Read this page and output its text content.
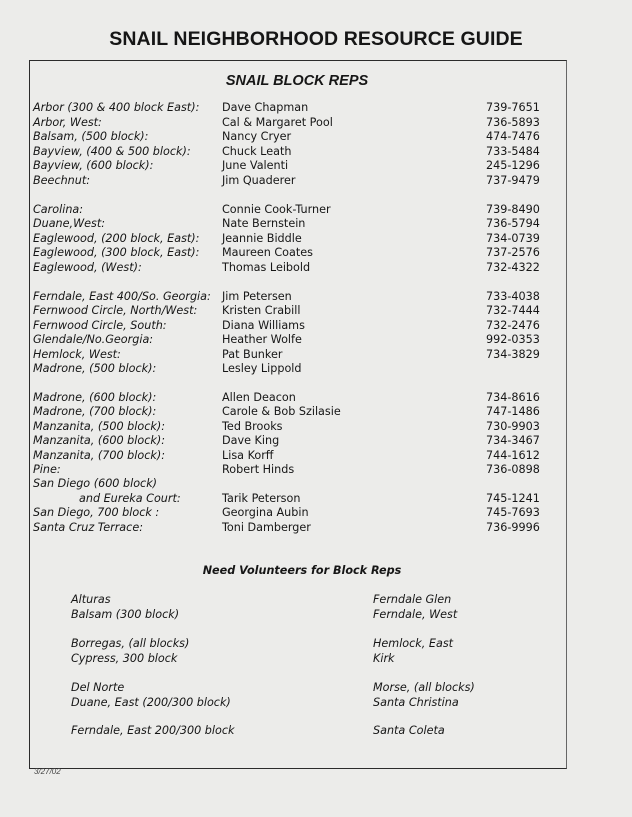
SNAIL NEIGHBORHOOD RESOURCE GUIDE
SNAIL BLOCK REPS
Arbor (300 & 400 block East): Dave Chapman	739-7651
Arbor, West:	Cal & Margaret Pool	736-5893
Balsam, (500 block):	Nancy Cryer	474-7476
Bayview, (400 & 500 block):	Chuck Leath	733-5484
Bayview, (600 block):	June Valenti	245-1296
Beechnut:	Jim Quaderer	737-9479
Carolina:	Connie Cook-Turner	739-8490
Duane,West:	Nate Bernstein	736-5794
Eaglewood, (200 block, East): Jeannie Biddle	734-0739
Eaglewood, (300 block, East): Maureen Coates	737-2576
Eaglewood, (West):	Thomas Leibold	732-4322
Ferndale, East 400/So. Georgia: Jim Petersen	733-4038
Fernwood Circle, North/West: Kristen Crabill	732-7444
Fernwood Circle, South:	Diana Williams	732-2476
Glendale/No.Georgia:	Heather Wolfe	992-0353
Hemlock, West:	Pat Bunker	734-3829
Madrone, (500 block):	Lesley Lippold
Madrone, (600 block):	Allen Deacon	734-8616
Madrone, (700 block):	Carole & Bob Szilasie	747-1486
Manzanita, (500 block):	Ted Brooks	730-9903
Manzanita, (600 block):	Dave King	734-3467
Manzanita, (700 block):	Lisa Korff	744-1612
Pine:	Robert Hinds	736-0898
San Diego (600 block)
and Eureka Court:	Tarik Peterson	745-1241
San Diego, 700 block :	Georgina Aubin	745-7693
Santa Cruz Terrace:	Toni Damberger	736-9996
Need Volunteers for Block Reps
Alturas
Balsam (300 block)
Borregas, (all blocks)
Cypress, 300 block
Del Norte
Duane, East (200/300 block)
Ferndale, East 200/300 block
Ferndale Glen
Ferndale, West
Hemlock, East
Kirk
Morse, (all blocks)
Santa Christina
Santa Coleta
3/27/02
